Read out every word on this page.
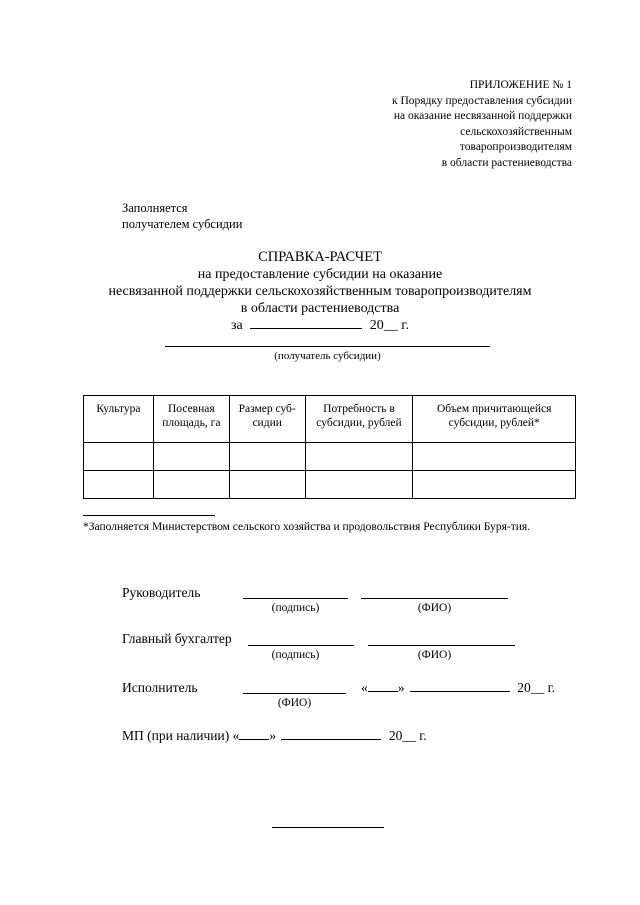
ПРИЛОЖЕНИЕ № 1
к Порядку предоставления субсидии
на оказание несвязанной поддержки
сельскохозяйственным
товаропроизводителям
в области растениеводства
Заполняется
получателем субсидии
СПРАВКА-РАСЧЕТ
на предоставление субсидии на оказание
несвязанной поддержки сельскохозяйственным товаропроизводителям
в области растениеводства
за	20__ г.
(получатель субсидии)
Культура	Посевная площадь, га	Размер суб-сидии	Потребность в субсидии, рублей	Объем причитающейся субсидии, рублей*

*Заполняется Министерством сельского хозяйства и продовольствия Республики Буря-тия.
Руководитель
(подпись)	(ФИО)
Главный бухгалтер
(подпись)	(ФИО)
Исполнитель
(ФИО)
« »	20__ г.
МП (при наличии) « »	20__ г.
